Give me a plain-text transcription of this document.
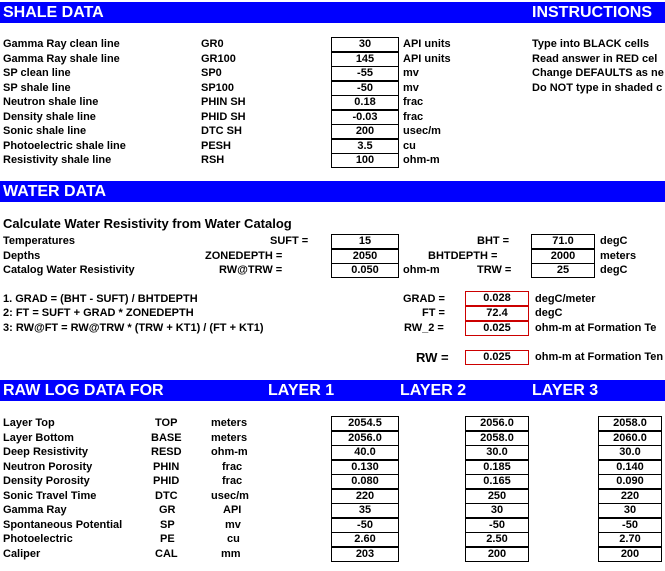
SHALE DATA	INSTRUCTIONS
Gamma Ray clean line	GR0	30	API units
Gamma Ray shale line	GR100	145	API units
SP clean line	SP0	-55	mv
SP shale line	SP100	-50	mv
Neutron shale line	PHIN SH	0.18	frac
Density shale line	PHID SH	-0.03	frac
Sonic shale line	DTC SH	200	usec/m
Photoelectric shale line	PESH	3.5	cu
Resistivity shale line	RSH	100	ohm-m
Type into BLACK cells
Read answer in RED cel
Change DEFAULTS as ne
Do NOT type in shaded c
WATER DATA
Calculate Water Resistivity from Water Catalog
Temperatures	SUFT =	15	BHT =	71.0	degC
Depths	ZONEDEPTH =	2050	BHTDEPTH =	2000	meters
Catalog Water Resistivity	RW@TRW =	0.050	ohm-m	TRW =	25	degC
1. GRAD = (BHT - SUFT) / BHTDEPTH	GRAD =	0.028	degC/meter
2: FT = SUFT + GRAD * ZONEDEPTH	FT =	72.4	degC
3: RW@FT = RW@TRW * (TRW + KT1) / (FT + KT1)	RW_2 =	0.025	ohm-m at Formation Te
RW =	0.025	ohm-m at Formation Ten
RAW LOG DATA FOR	LAYER 1	LAYER 2	LAYER 3
Layer Top	TOP	meters	2054.5	2056.0	2058.0
Layer Bottom	BASE	meters	2056.0	2058.0	2060.0
Deep Resistivity	RESD	ohm-m	40.0	30.0	30.0
Neutron Porosity	PHIN	frac	0.130	0.185	0.140
Density Porosity	PHID	frac	0.080	0.165	0.090
Sonic Travel Time	DTC	usec/m	220	250	220
Gamma Ray	GR	API	35	30	30
Spontaneous Potential	SP	mv	-50	-50	-50
Photoelectric	PE	cu	2.60	2.50	2.70
Caliper	CAL	mm	203	200	200
